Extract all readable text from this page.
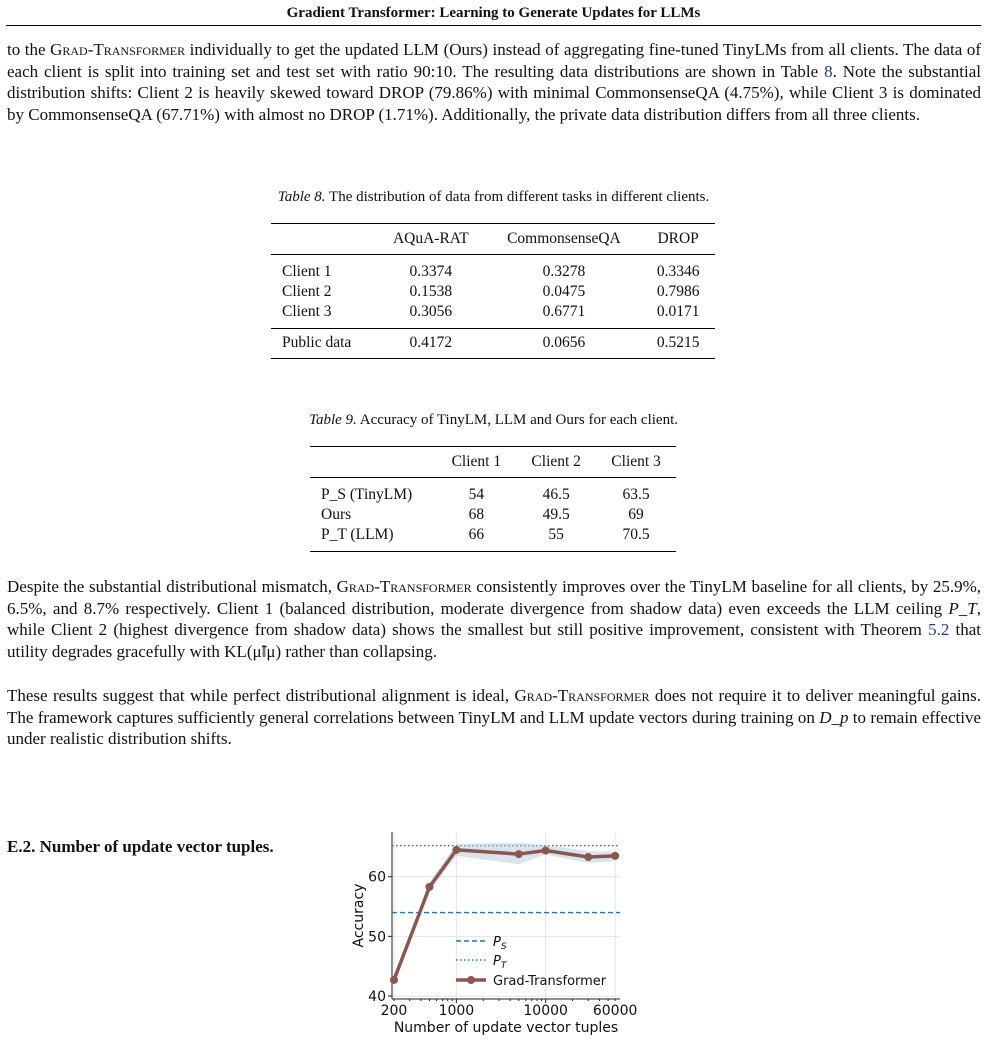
Gradient Transformer: Learning to Generate Updates for LLMs

to the Grad-Transformer individually to get the updated LLM (Ours) instead of aggregating fine-tuned TinyLMs from all clients. The data of each client is split into training set and test set with ratio 90:10. The resulting data distributions are shown in Table 8. Note the substantial distribution shifts: Client 2 is heavily skewed toward DROP (79.86%) with minimal CommonsenseQA (4.75%), while Client 3 is dominated by CommonsenseQA (67.71%) with almost no DROP (1.71%). Additionally, the private data distribution differs from all three clients.

Table 8. The distribution of data from different tasks in different clients.
	AQuA-RAT	CommonsenseQA	DROP
Client 1	0.3374	0.3278	0.3346
Client 2	0.1538	0.0475	0.7986
Client 3	0.3056	0.6771	0.0171
Public data	0.4172	0.0656	0.5215
Table 9. Accuracy of TinyLM, LLM and Ours for each client.
	Client 1	Client 2	Client 3
P_S (TinyLM)	54	46.5	63.5
Ours	68	49.5	69
P_T (LLM)	66	55	70.5

Despite the substantial distributional mismatch, Grad-Transformer consistently improves over the TinyLM baseline for all clients, by 25.9%, 6.5%, and 8.7% respectively. Client 1 (balanced distribution, moderate divergence from shadow data) even exceeds the LLM ceiling P_T, while Client 2 (highest divergence from shadow data) shows the smallest but still positive improvement, consistent with Theorem 5.2 that utility degrades gracefully with KL(μ̃‖μ) rather than collapsing.

These results suggest that while perfect distributional alignment is ideal, Grad-Transformer does not require it to deliver meaningful gains. The framework captures sufficiently general correlations between TinyLM and LLM update vectors during training on D_p to remain effective under realistic distribution shifts.

E.2. Number of update vector tuples.
200 1000	10000 60000
40
50
60
Number of update vector tuples
Accuracy	$P_S$
$P_T$
Grad-Transformer
